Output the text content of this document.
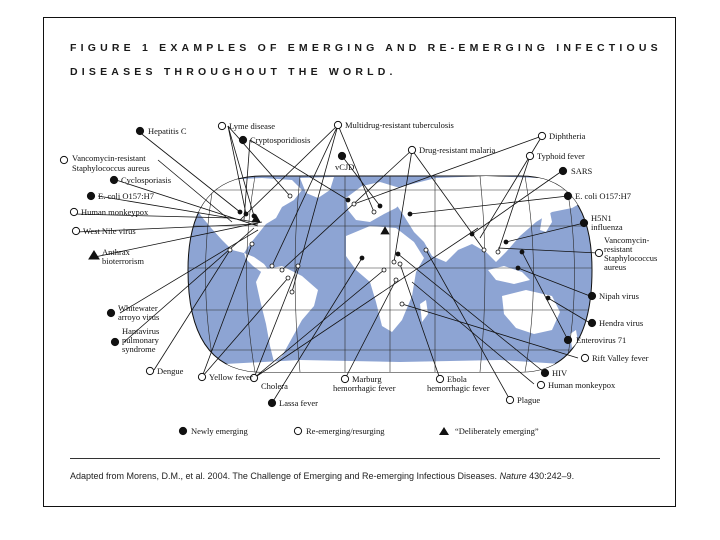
FIGURE 1 EXAMPLES OF EMERGING AND RE-EMERGING INFECTIOUS
DISEASES THROUGHOUT THE WORLD.
Hepatitis C	Lyme disease
Cryptosporidiosis
Multidrug-resistant tuberculosis
Diphtheria
vCJD
Vancomycin-resistant
Staphylococcus aureus
Drug-resistant malaria
Typhoid fever
Cyclosporiasis
SARS
E. coli O157:H7	E. coli O157:H7
Human monkeypox
H5N1
influenza
West Nile virus
Vancomycin-
resistant
Staphylococcus
aureus
Anthrax
bioterrorism
Nipah virus
Whitewater
arroyo virus
Hendra virus
Hantavirus
pulmonary
syndrome
Enterovirus 71
Rift Valley fever
Dengue
Yellow fever
Cholera
Marburg
hemorrhagic fever
Ebola
hemorrhagic fever
HIV
Human monkeypox
Plague
Lassa fever
Newly emerging	Re-emerging/resurging	“Deliberately emerging”
Adapted from Morens, D.M., et al. 2004. The Challenge of Emerging and Re-emerging Infectious Diseases. Nature 430:242–9.
